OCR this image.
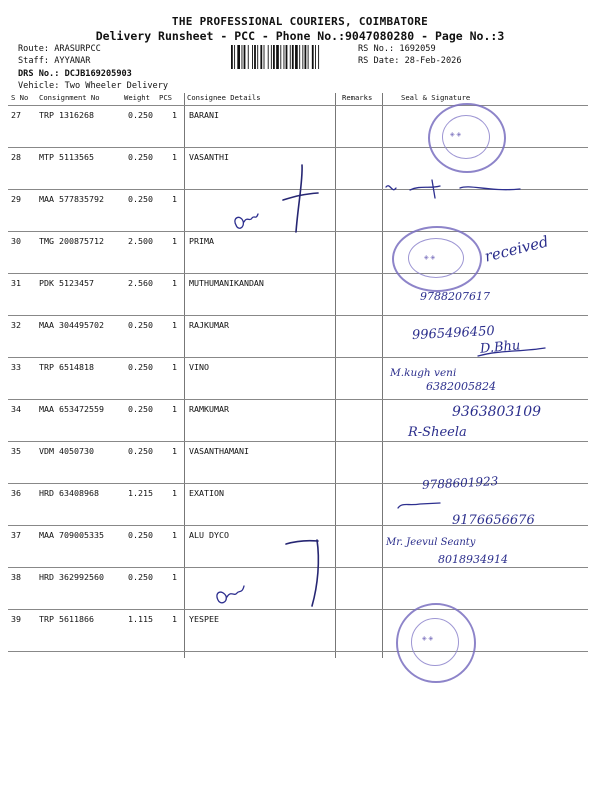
THE PROFESSIONAL COURIERS, COIMBATORE
Delivery Runsheet - PCC - Phone No.:9047080280 - Page No.:3
Route: ARASURPCC
Staff: AYYANAR
DRS No.: DCJB169205903
Vehicle: Two Wheeler Delivery
RS No.: 1692059
RS Date: 28-Feb-2026
S No Consignment No	Weight PCS Consignee Details	Remarks	Seal & Signature
27 TRP 1316268	0.250 1 BARANI
28 MTP 5113565	0.250 1 VASANTHI
29 MAA 577835792	0.250 1
30 TMG 200875712	2.500 1 PRIMA
31 PDK 5123457	2.560 1 MUTHUMANIKANDAN
32 MAA 304495702	0.250 1 RAJKUMAR
33 TRP 6514818	0.250 1 VINO
34 MAA 653472559	0.250 1 RAMKUMAR
35 VDM 4050730	0.250 1 VASANTHAMANI
36 HRD 63408968	1.215 1 EXATION
37 MAA 709005335	0.250 1 ALU DYCO
38 HRD 362992560	0.250 1
39 TRP 5611866	1.115 1 YESPEE
◈ ◈
◈ ◈
◈ ◈
received
9788207617
9965496450
D.Bhu
M.kugh veni
6382005824
9363803109
R-Sheela
9788601923
9176656676
Mr. Jeevul Seanty
8018934914
